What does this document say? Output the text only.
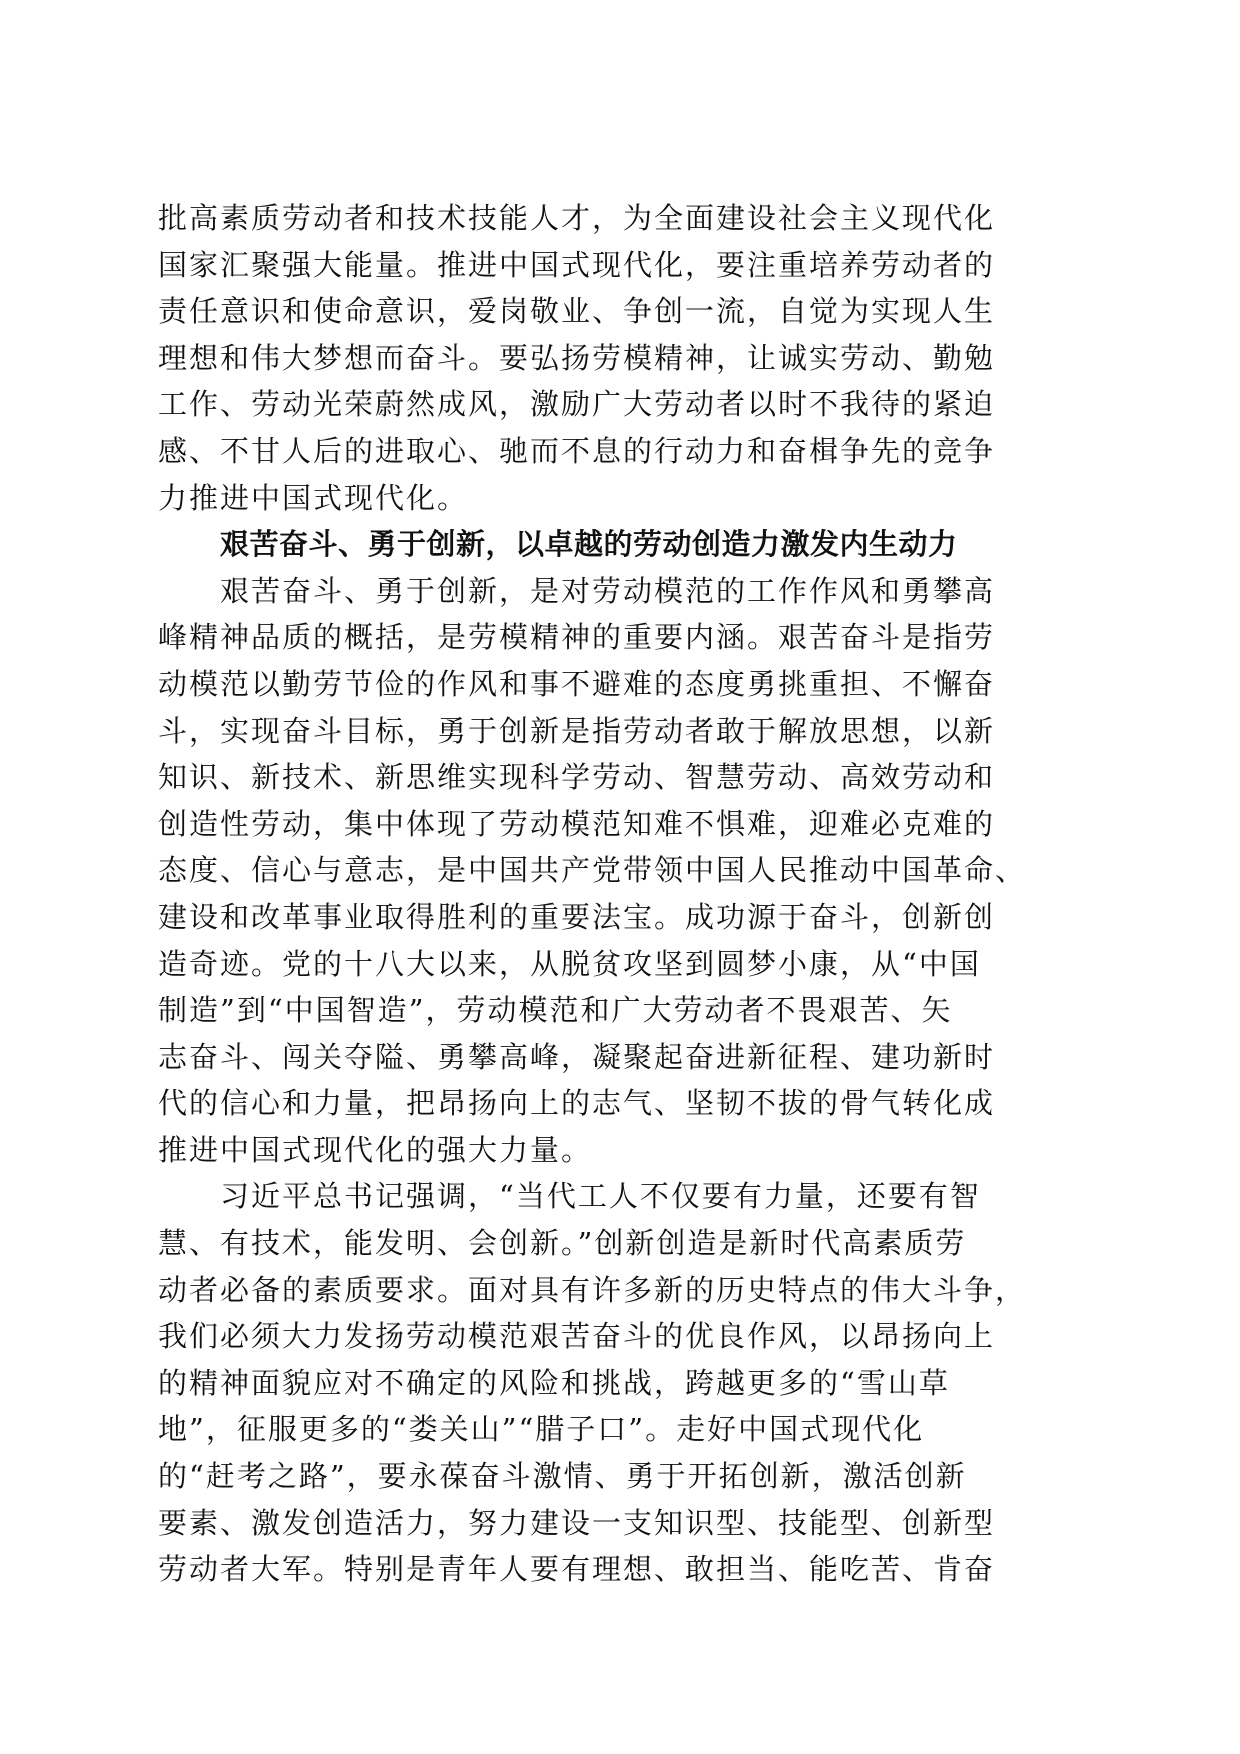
批高素质劳动者和技术技能人才，为全面建设社会主义现代化
国家汇聚强大能量。推进中国式现代化，要注重培养劳动者的
责任意识和使命意识，爱岗敬业、争创一流，自觉为实现人生
理想和伟大梦想而奋斗。要弘扬劳模精神，让诚实劳动、勤勉
工作、劳动光荣蔚然成风，激励广大劳动者以时不我待的紧迫
感、不甘人后的进取心、驰而不息的行动力和奋楫争先的竞争
力推进中国式现代化。
艰苦奋斗、勇于创新，以卓越的劳动创造力激发内生动力
艰苦奋斗、勇于创新，是对劳动模范的工作作风和勇攀高
峰精神品质的概括，是劳模精神的重要内涵。艰苦奋斗是指劳
动模范以勤劳节俭的作风和事不避难的态度勇挑重担、不懈奋
斗，实现奋斗目标，勇于创新是指劳动者敢于解放思想，以新
知识、新技术、新思维实现科学劳动、智慧劳动、高效劳动和
创造性劳动，集中体现了劳动模范知难不惧难，迎难必克难的
态度、信心与意志，是中国共产党带领中国人民推动中国革命、
建设和改革事业取得胜利的重要法宝。成功源于奋斗，创新创
造奇迹。党的十八大以来，从脱贫攻坚到圆梦小康，从“中国
制造”到“中国智造”，劳动模范和广大劳动者不畏艰苦、矢
志奋斗、闯关夺隘、勇攀高峰，凝聚起奋进新征程、建功新时
代的信心和力量，把昂扬向上的志气、坚韧不拔的骨气转化成
推进中国式现代化的强大力量。
习近平总书记强调，“当代工人不仅要有力量，还要有智
慧、有技术，能发明、会创新。”创新创造是新时代高素质劳
动者必备的素质要求。面对具有许多新的历史特点的伟大斗争，
我们必须大力发扬劳动模范艰苦奋斗的优良作风，以昂扬向上
的精神面貌应对不确定的风险和挑战，跨越更多的“雪山草
地”，征服更多的“娄关山”“腊子口”。走好中国式现代化
的“赶考之路”，要永葆奋斗激情、勇于开拓创新，激活创新
要素、激发创造活力，努力建设一支知识型、技能型、创新型
劳动者大军。特别是青年人要有理想、敢担当、能吃苦、肯奋
